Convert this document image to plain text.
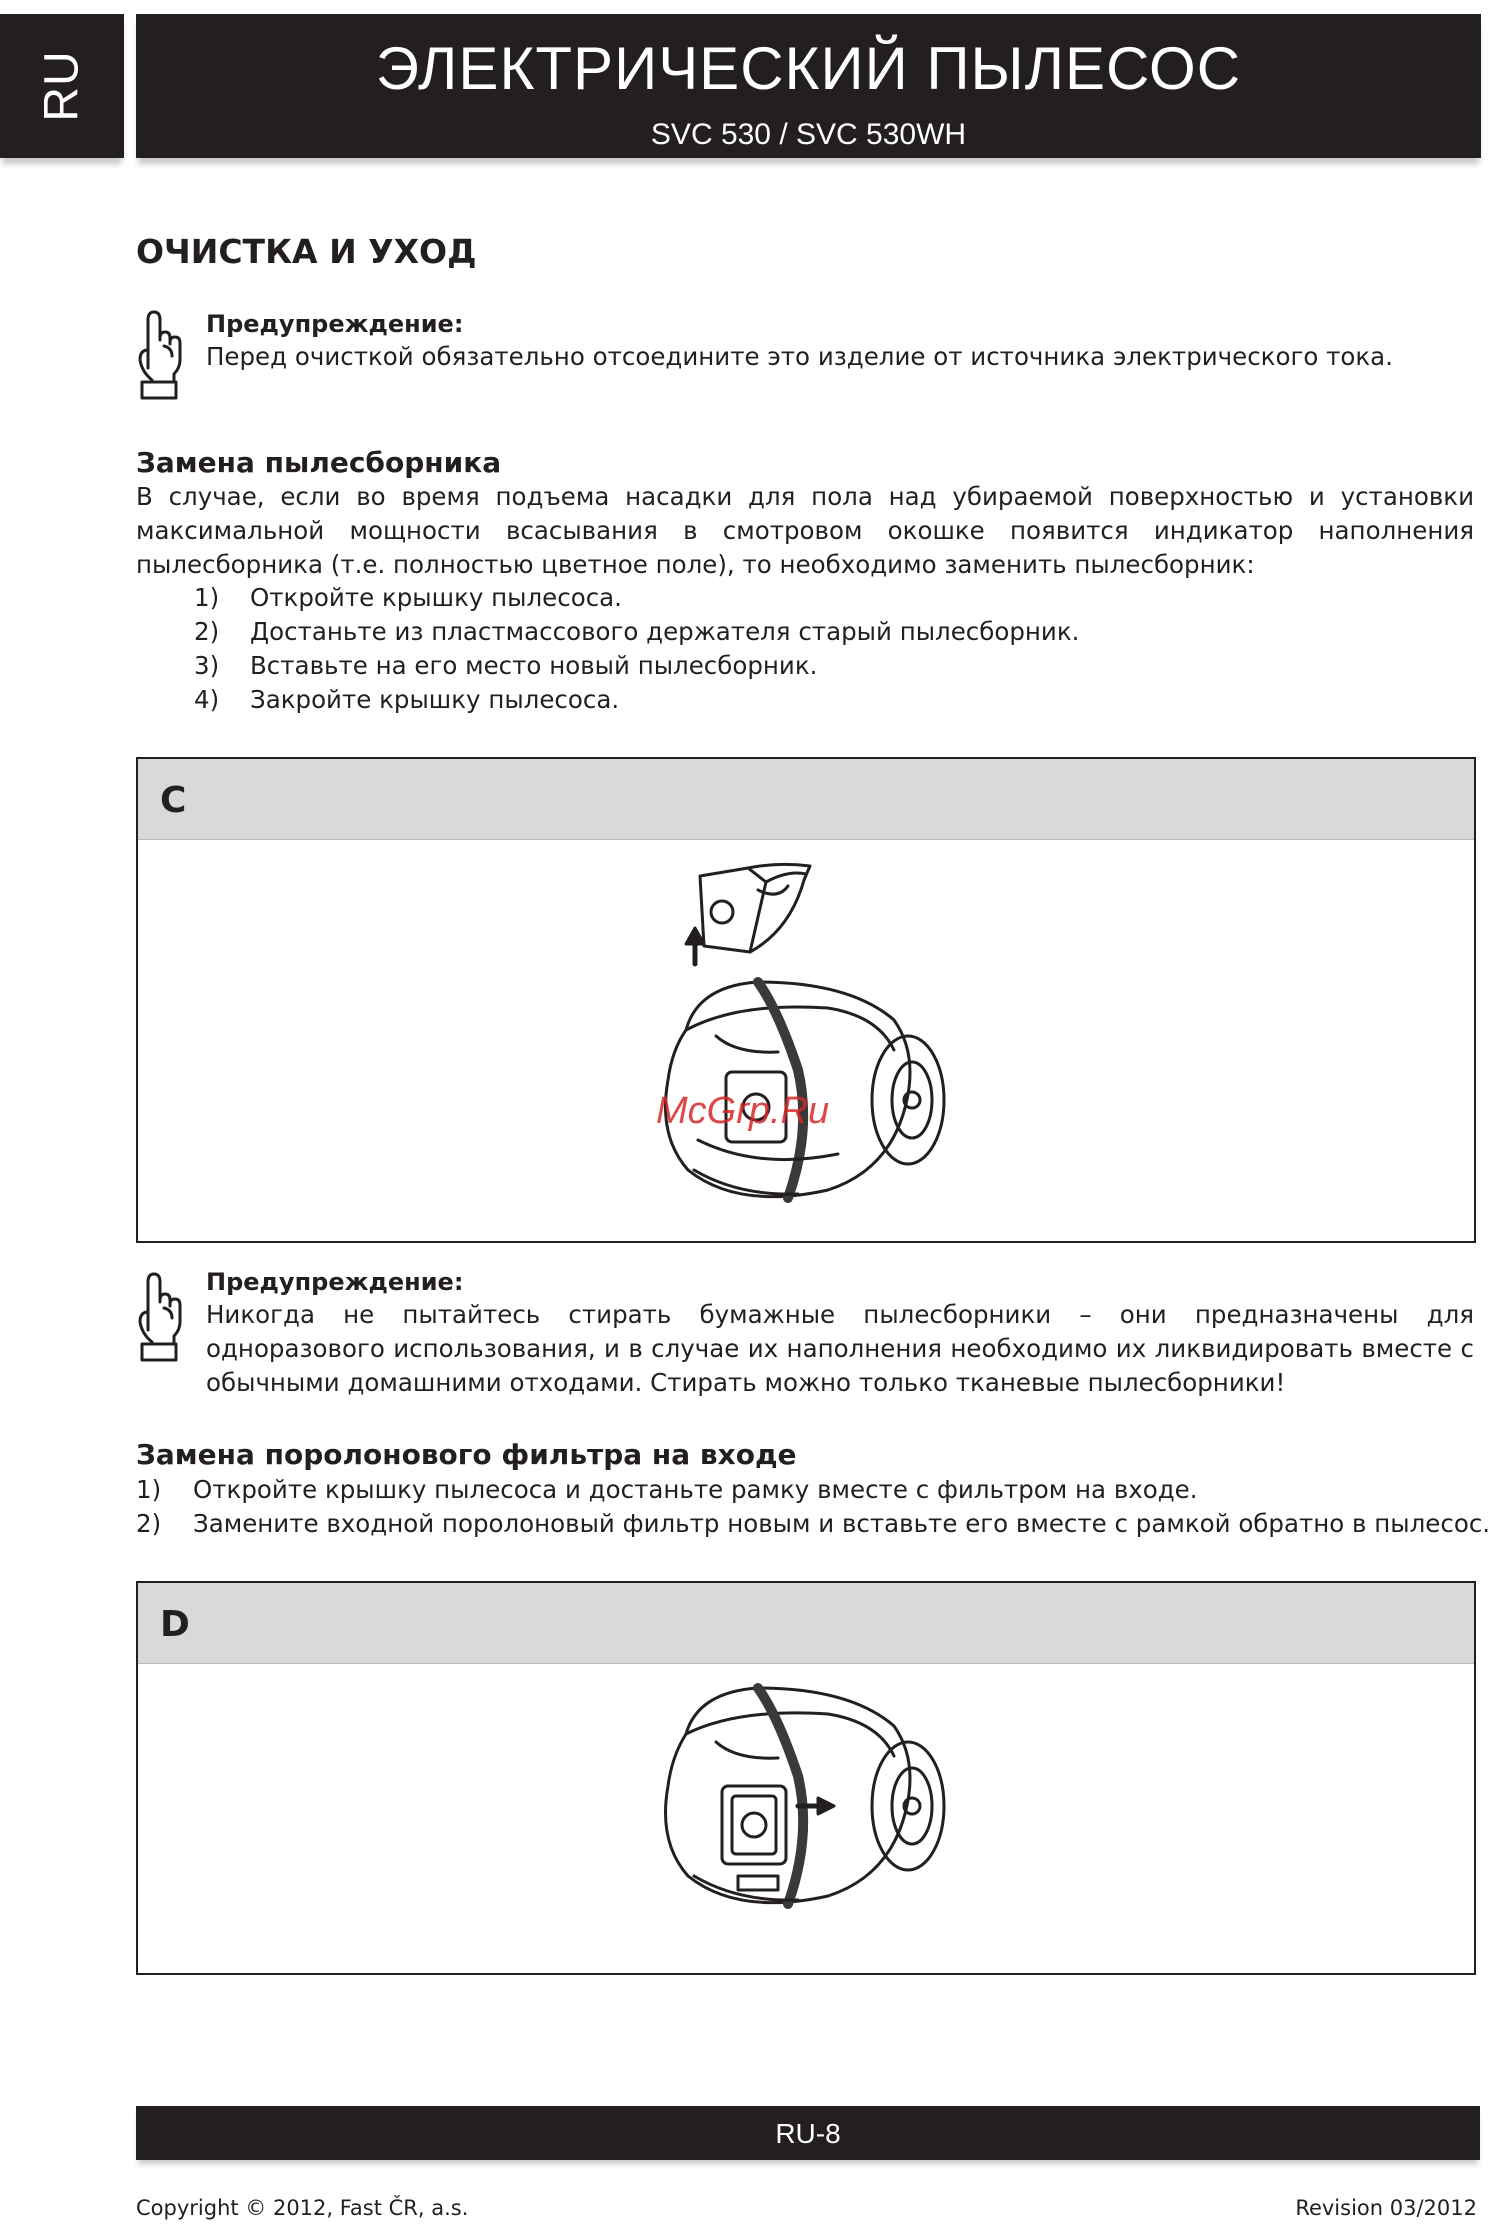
RU	ЭЛЕКТРИЧЕСКИЙ ПЫЛЕСОС
SVC 530 / SVC 530WH
ОЧИСТКА И УХОД

Предупреждение:

Перед очисткой обязательно отсоедините это изделие от источника электрического тока.

Замена пылесборника

В случае, если во время подъема насадки для пола над убираемой поверхностью и установки максимальной мощности всасывания в смотровом окошке появится индикатор наполнения пылесборника (т.е. полностью цветное поле), то необходимо заменить пылесборник:

1)	Откройте крышку пылесоса.
2)	Достаньте из пластмассового держателя старый пылесборник.
3)	Вставьте на его место новый пылесборник.
4)	Закройте крышку пылесоса.
C
McGrp.Ru

Предупреждение:

Никогда не пытайтесь стирать бумажные пылесборники – они предназначены для одноразового использования, и в случае их наполнения необходимо их ликвидировать вместе с обычными домашними отходами. Стирать можно только тканевые пылесборники!

Замена поролонового фильтра на входе
1)	Откройте крышку пылесоса и достаньте рамку вместе с фильтром на входе.
2)	Замените входной поролоновый фильтр новым и вставьте его вместе с рамкой обратно в пылесос.
D
RU-8
Copyright © 2012, Fast ČR, a.s.	Revision 03/2012
